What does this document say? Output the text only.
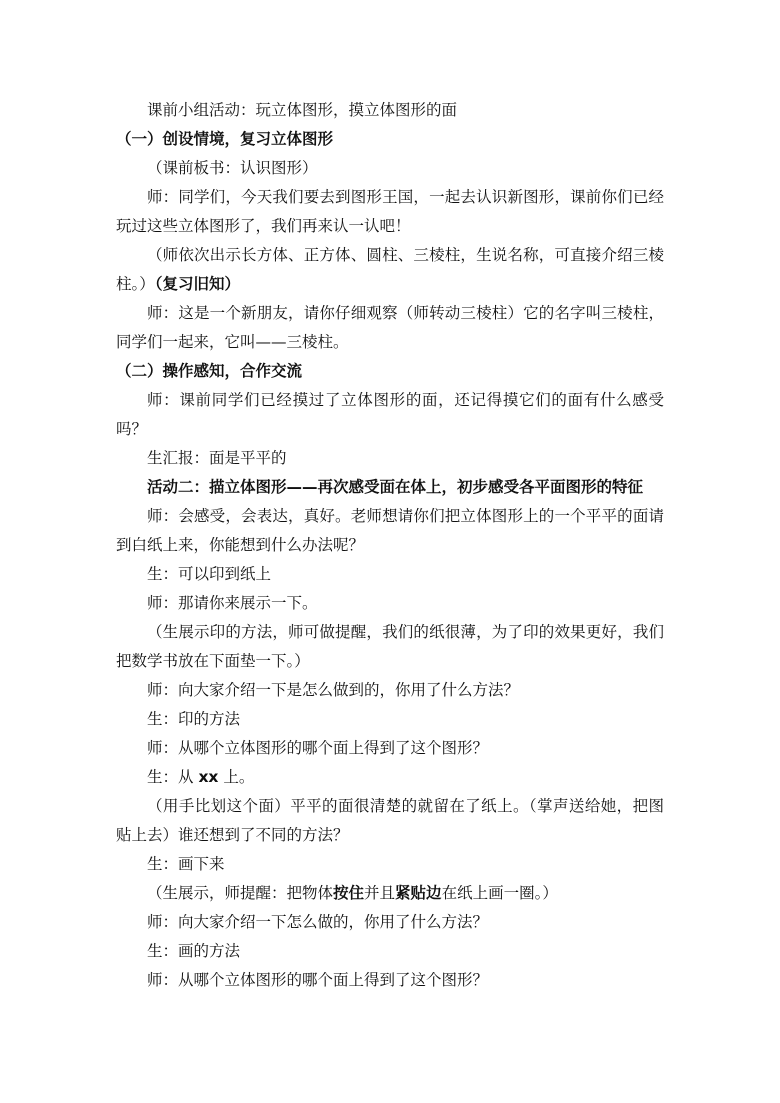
课前小组活动：玩立体图形，摸立体图形的面

（一）创设情境，复习立体图形

（课前板书：认识图形）

师：同学们，今天我们要去到图形王国，一起去认识新图形，课前你们已经玩过这些立体图形了，我们再来认一认吧！

（师依次出示长方体、正方体、圆柱、三棱柱，生说名称，可直接介绍三棱柱。）（复习旧知）

师：这是一个新朋友，请你仔细观察（师转动三棱柱）它的名字叫三棱柱，同学们一起来，它叫——三棱柱。

（二）操作感知，合作交流

师：课前同学们已经摸过了立体图形的面，还记得摸它们的面有什么感受吗？

生汇报：面是平平的

活动二：描立体图形——再次感受面在体上，初步感受各平面图形的特征

师：会感受，会表达，真好。老师想请你们把立体图形上的一个平平的面请到白纸上来，你能想到什么办法呢？

生：可以印到纸上

师：那请你来展示一下。

（生展示印的方法，师可做提醒，我们的纸很薄，为了印的效果更好，我们把数学书放在下面垫一下。）

师：向大家介绍一下是怎么做到的，你用了什么方法？

生：印的方法

师：从哪个立体图形的哪个面上得到了这个图形？

生：从 xx 上。

（用手比划这个面）平平的面很清楚的就留在了纸上。（掌声送给她，把图贴上去）谁还想到了不同的方法？

生：画下来

（生展示，师提醒：把物体按住并且紧贴边在纸上画一圈。）

师：向大家介绍一下怎么做的，你用了什么方法？

生：画的方法

师：从哪个立体图形的哪个面上得到了这个图形？
